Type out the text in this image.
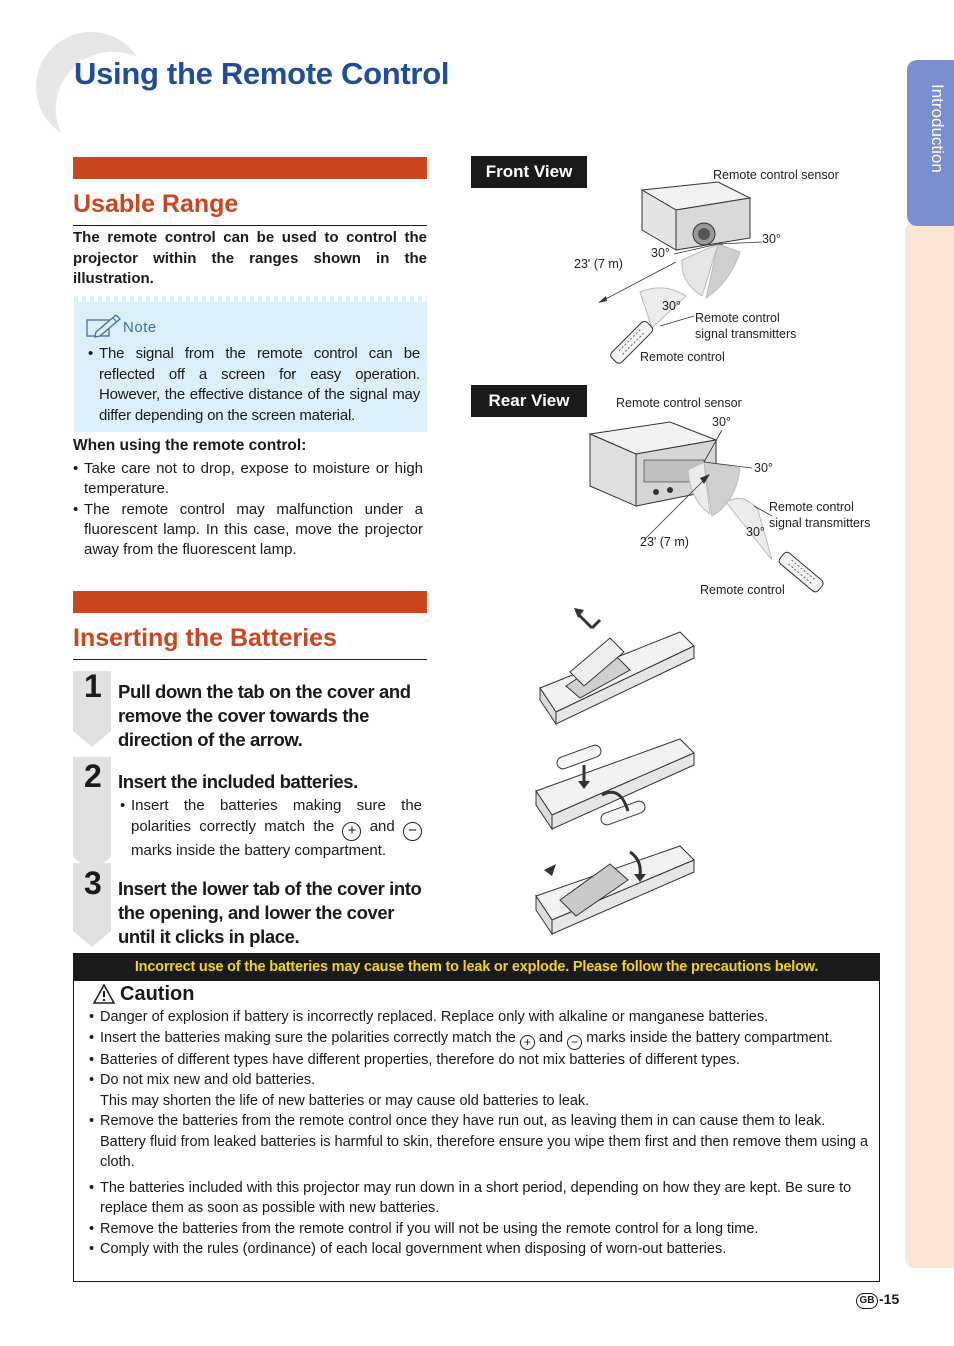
Using the Remote Control
Introduction
Usable Range

The remote control can be used to control the projector within the ranges shown in the illustration.

Note
• The signal from the remote control can be reflected off a screen for easy operation. However, the effective distance of the signal may differ depending on the screen material.
When using the remote control:
• Take care not to drop, expose to moisture or high temperature.
• The remote control may malfunction under a fluorescent lamp. In this case, move the projector away from the fluorescent lamp.
Front View	Remote control sensor
30°
30°
23' (7 m)
30°
Remote control
signal transmitters
Remote control
Rear View	Remote control sensor
30°
30°
Remote control
signal transmitters
30°
23' (7 m)
Remote control
Inserting the Batteries
1 Pull down the tab on the cover and remove the cover towards the direction of the arrow.
2 Insert the included batteries.
• Insert the batteries making sure the polarities correctly match the + and − marks inside the battery compartment.
3 Insert the lower tab of the cover into the opening, and lower the cover until it clicks in place.
Incorrect use of the batteries may cause them to leak or explode. Please follow the precautions below.
Caution
• Danger of explosion if battery is incorrectly replaced. Replace only with alkaline or manganese batteries.
• Insert the batteries making sure the polarities correctly match the + and − marks inside the battery compartment.
• Batteries of different types have different properties, therefore do not mix batteries of different types.
• Do not mix new and old batteries.
This may shorten the life of new batteries or may cause old batteries to leak.
• Remove the batteries from the remote control once they have run out, as leaving them in can cause them to leak. Battery fluid from leaked batteries is harmful to skin, therefore ensure you wipe them first and then remove them using a cloth.
• The batteries included with this projector may run down in a short period, depending on how they are kept. Be sure to replace them as soon as possible with new batteries.
• Remove the batteries from the remote control if you will not be using the remote control for a long time.
• Comply with the rules (ordinance) of each local government when disposing of worn-out batteries.
GB -15
